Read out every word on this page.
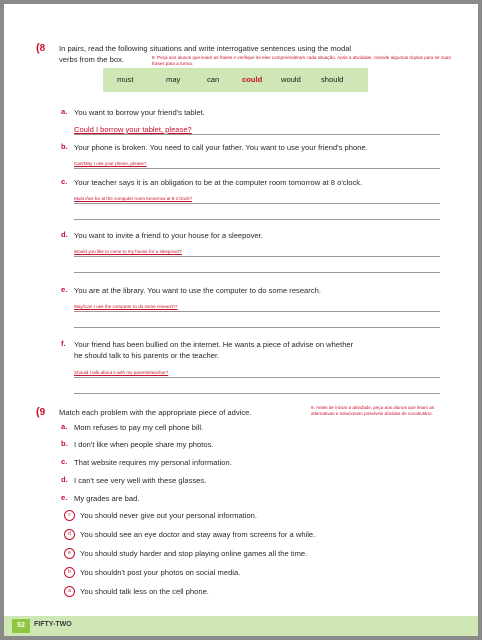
(8 In pairs, read the following situations and write interrogative sentences using the modal
verbs from the box.	8. Peça aos alunos que leiam as frases e verifique se eles compreenderam cada situação. Após a atividade, convide algumas duplas para ler suas frases para a turma.
must	may	can	could would	should
a. You want to borrow your friend's tablet.
Could I borrow your tablet, please?
b. Your phone is broken. You need to call your father. You want to use your friend's phone.
Can/May I use your phone, please?
c. Your teacher says it is an obligation to be at the computer room tomorrow at 8 o'clock.
Must I/we be at the computer room tomorrow at 8 o'clock?
d. You want to invite a friend to your house for a sleepover.
Would you like to come to my house for a sleepover?
e. You are at the library. You want to use the computer to do some research.
May/Can I use the computer to do some research?
f. Your friend has been bullied on the internet. He wants a piece of advise on whether
he should talk to his parents or the teacher.
Should I talk about it with my parents/teacher?
(9 Match each problem with the appropriate piece of advice.
9. Antes de iniciar a atividade, peça aos alunos que leiam as alternativas e solucionem possíveis dúvidas de vocabulário.
a. Mom refuses to pay my cell phone bill.
b. I don't like when people share my photos.
c. That website requires my personal information.
d. I can't see very well with these glasses.
e. My grades are bad.
c	You should never give out your personal information.
d	You should see an eye doctor and stay away from screens for a while.
e	You should study harder and stop playing online games all the time.
b	You shouldn't post your photos on social media.
a	You should talk less on the cell phone.
52	FIFTY-TWO
